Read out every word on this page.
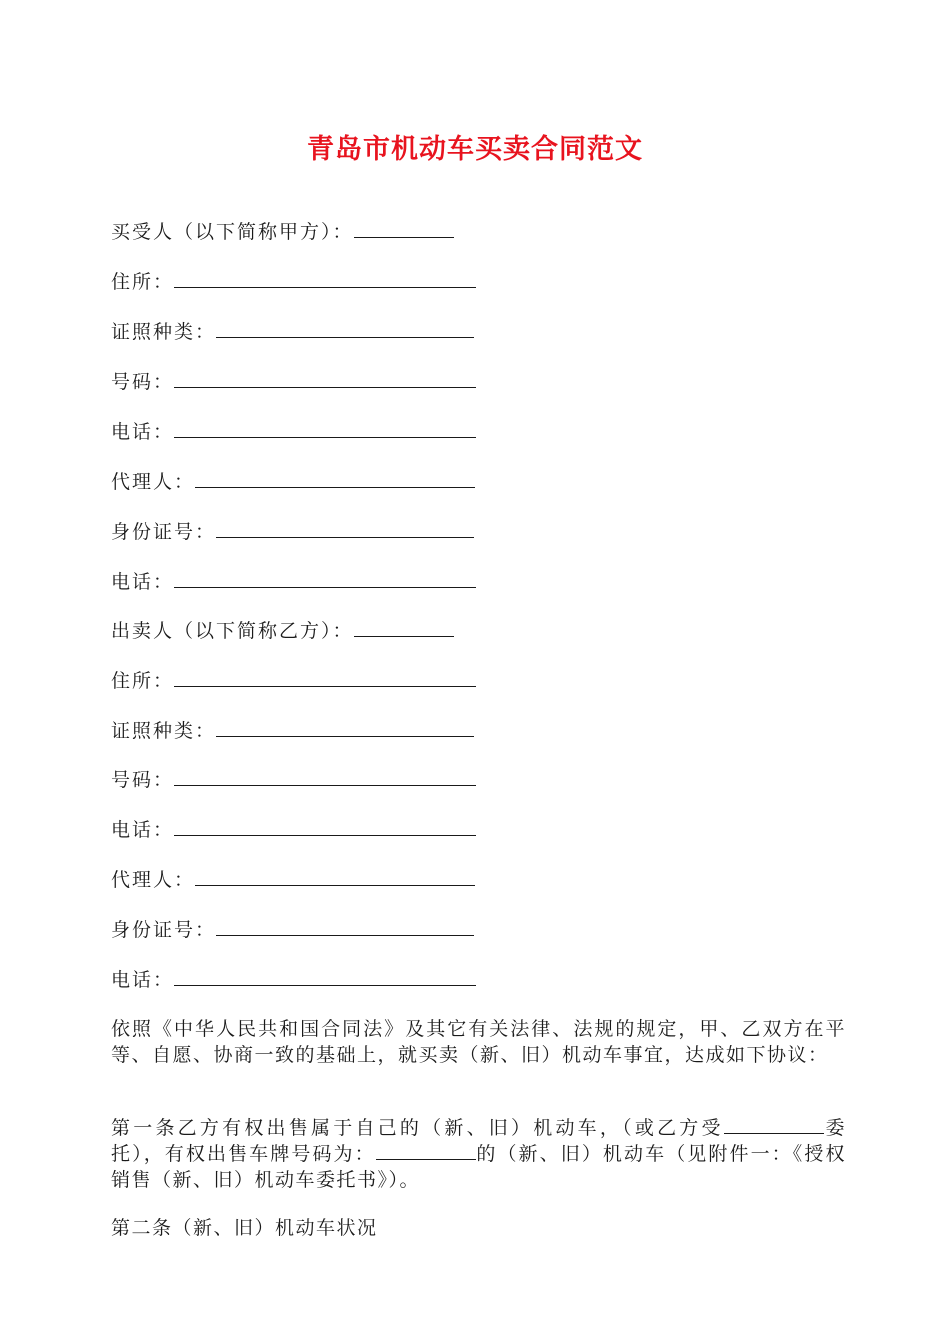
青岛市机动车买卖合同范文
买受人（以下简称甲方）：
住所：
证照种类：
号码：
电话：
代理人：
身份证号：
电话：
出卖人（以下简称乙方）：
住所：
证照种类：
号码：
电话：
代理人：
身份证号：
电话：
依照《中华人民共和国合同法》及其它有关法律、法规的规定，甲、乙双方在平等、自愿、协商一致的基础上，就买卖（新、旧）机动车事宜，达成如下协议：
第一条乙方有权出售属于自己的（新、旧）机动车，（或乙方受	委托），有权出售车牌号码为：	的（新、旧）机动车（见附件一：《授权销售（新、旧）机动车委托书》）。
第二条（新、旧）机动车状况
